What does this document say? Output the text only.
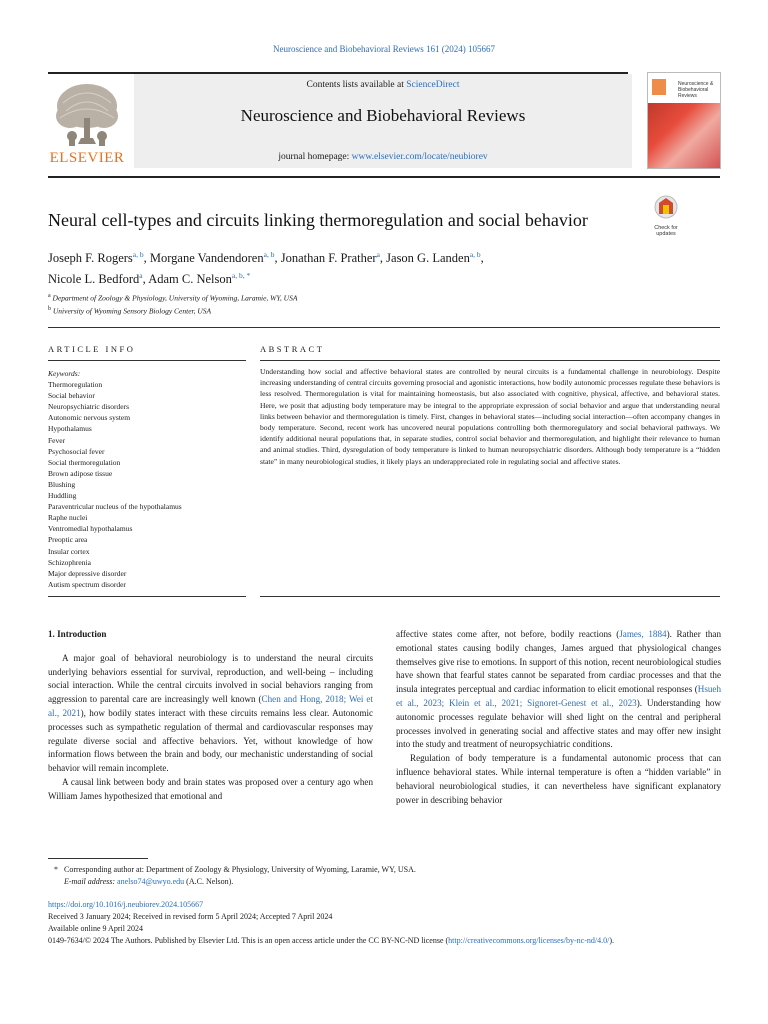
Neuroscience and Biobehavioral Reviews 161 (2024) 105667
ELSEVIER
Contents lists available at ScienceDirect
Neuroscience and Biobehavioral Reviews
journal homepage: www.elsevier.com/locate/neubiorev
Neuroscience & Biobehavioral Reviews
Neural cell-types and circuits linking thermoregulation and social behavior	Check for updates
Joseph F. Rogers$^{a, b}$, Morgane Vandendoren$^{a, b}$, Jonathan F. Prather$^a$, Jason G. Landen$^{a, b}$,
Nicole L. Bedford$^a$, Adam C. Nelson$^{a, b, *}$
$^a$ Department of Zoology & Physiology, University of Wyoming, Laramie, WY, USA
$^b$ University of Wyoming Sensory Biology Center, USA
ARTICLE INFO	ABSTRACT
Keywords:
Thermoregulation
Social behavior
Neuropsychiatric disorders
Autonomic nervous system
Hypothalamus
Fever
Psychosocial fever
Social thermoregulation
Brown adipose tissue
Blushing
Huddling
Paraventricular nucleus of the hypothalamus
Raphe nuclei
Ventromedial hypothalamus
Preoptic area
Insular cortex
Schizophrenia
Major depressive disorder
Autism spectrum disorder
Understanding how social and affective behavioral states are controlled by neural circuits is a fundamental challenge in neurobiology. Despite increasing understanding of central circuits governing prosocial and agonistic interactions, how bodily autonomic processes regulate these behaviors is less resolved. Thermoregulation is vital for maintaining homeostasis, but also associated with cognitive, physical, affective, and behavioral states. Here, we posit that adjusting body temperature may be integral to the appropriate expression of social behavior and argue that understanding neural links between behavior and thermoregulation is timely. First, changes in behavioral states—including social interaction—often accompany changes in body temperature. Second, recent work has uncovered neural populations controlling both thermoregulatory and social behavioral pathways. We identify additional neural populations that, in separate studies, control social behavior and thermoregulation, and highlight their relevance to human and animal studies. Third, dysregulation of body temperature is linked to human neuropsychiatric disorders. Although body temperature is a “hidden state” in many neurobiological studies, it likely plays an underappreciated role in regulating social and affective states.

1. Introduction

A major goal of behavioral neurobiology is to understand the neural circuits underlying behaviors essential for survival, reproduction, and well-being – including social interaction. While the central circuits involved in social behaviors ranging from aggression to parental care are increasingly well known (Chen and Hong, 2018; Wei et al., 2021), how bodily states interact with these circuits remains less clear. Autonomic processes such as sympathetic regulation of thermal and cardiovascular responses may regulate diverse social and affective behaviors. Yet, without knowledge of how information flows between the brain and body, our mechanistic understanding of social behavior will remain incomplete.

A causal link between body and brain states was proposed over a century ago when William James hypothesized that emotional and

affective states come after, not before, bodily reactions (James, 1884). Rather than emotional states causing bodily changes, James argued that physiological changes themselves give rise to emotions. In support of this notion, recent neurobiological studies have shown that fearful states cannot be separated from cardiac processes and that the insula integrates perceptual and cardiac information to elicit emotional responses (Hsueh et al., 2023; Klein et al., 2021; Signoret-Genest et al., 2023). Understanding how autonomic processes regulate behavior will shed light on the central and peripheral processes involved in generating social and affective states and may offer new insight into the study and treatment of neuropsychiatric conditions.

Regulation of body temperature is a fundamental autonomic process that can influence behavioral states. While internal temperature is often a “hidden variable” in behavioral neurobiological studies, it can nevertheless have significant explanatory power in describing behavior

* Corresponding author at: Department of Zoology & Physiology, University of Wyoming, Laramie, WY, USA.
E-mail address: anelso74@uwyo.edu (A.C. Nelson).
https://doi.org/10.1016/j.neubiorev.2024.105667
Received 3 January 2024; Received in revised form 5 April 2024; Accepted 7 April 2024
Available online 9 April 2024
0149-7634/© 2024 The Authors. Published by Elsevier Ltd. This is an open access article under the CC BY-NC-ND license (http://creativecommons.org/licenses/by-nc-nd/4.0/).
